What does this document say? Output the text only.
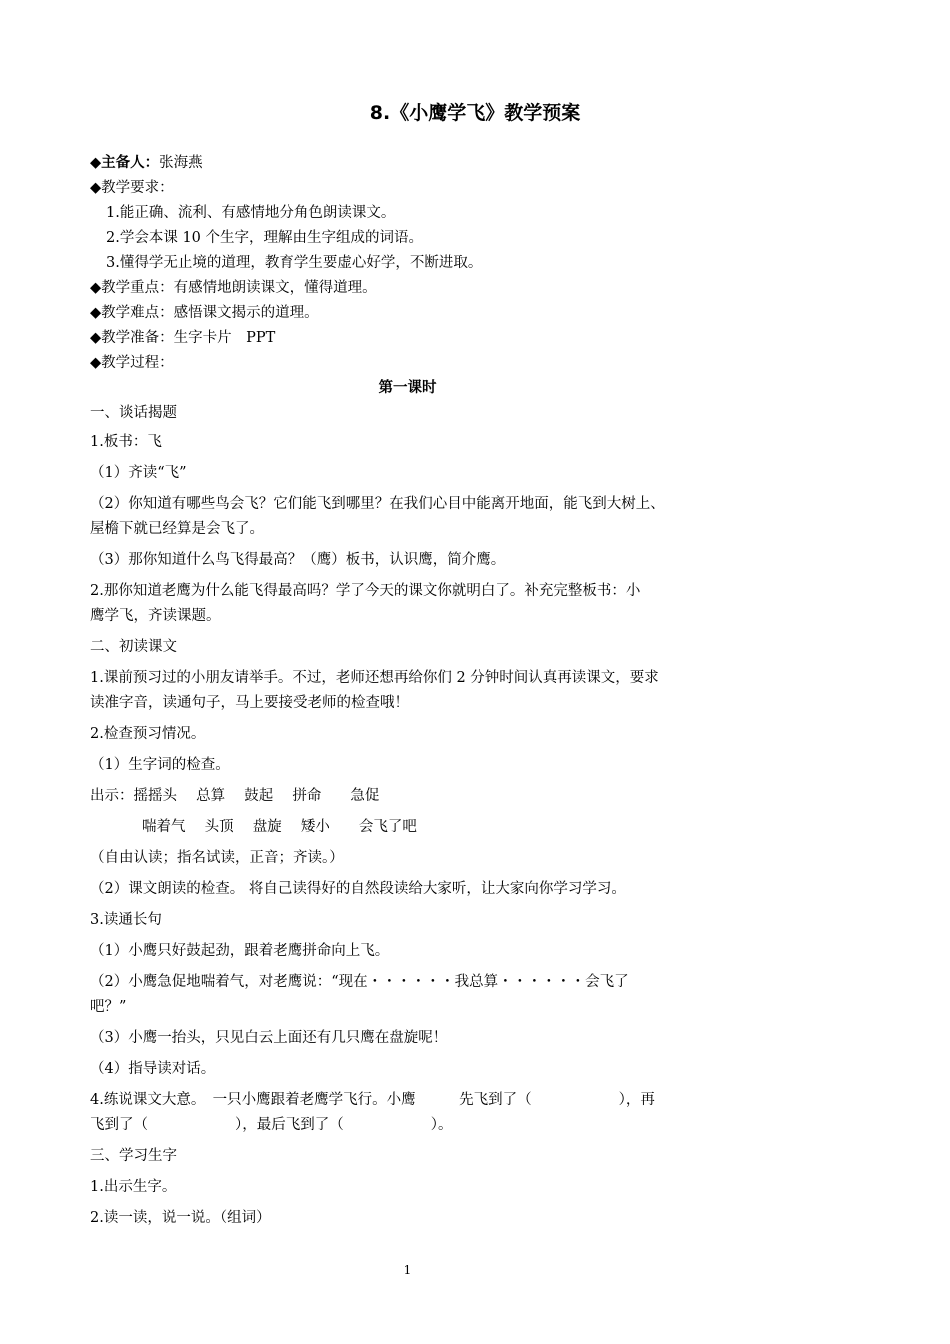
8.《小鹰学飞》教学预案
◆主备人：张海燕
◆教学要求：
1.能正确、流利、有感情地分角色朗读课文。
2.学会本课 10 个生字，理解由生字组成的词语。
3.懂得学无止境的道理，教育学生要虚心好学，不断进取。
◆教学重点：有感情地朗读课文，懂得道理。
◆教学难点：感悟课文揭示的道理。
◆教学准备：生字卡片　PPT
◆教学过程：
第一课时
一、谈话揭题
1.板书：飞
（1）齐读“飞”
（2）你知道有哪些鸟会飞？它们能飞到哪里？在我们心目中能离开地面，能飞到大树上、
屋檐下就已经算是会飞了。
（3）那你知道什么鸟飞得最高？（鹰）板书，认识鹰，简介鹰。
2.那你知道老鹰为什么能飞得最高吗？学了今天的课文你就明白了。补充完整板书：小
鹰学飞，齐读课题。
二、初读课文
1.课前预习过的小朋友请举手。不过，老师还想再给你们 2 分钟时间认真再读课文，要求
读准字音，读通句子，马上要接受老师的检查哦！
2.检查预习情况。
（1）生字词的检查。
出示：摇摇头　 总算　 鼓起　 拼命　　急促
喘着气　 头顶　 盘旋　 矮小　　会飞了吧
（自由认读；指名试读，正音；齐读。）
（2）课文朗读的检查。 将自己读得好的自然段读给大家听，让大家向你学习学习。
3.读通长句
（1）小鹰只好鼓起劲，跟着老鹰拼命向上飞。
（2）小鹰急促地喘着气，对老鹰说：“现在・・・・・・我总算・・・・・・会飞了
吧？”
（3）小鹰一抬头，只见白云上面还有几只鹰在盘旋呢！
（4）指导读对话。
4.练说课文大意。　一只小鹰跟着老鹰学飞行。小鹰　　　先飞到了（　　　　　　），再
飞到了（　　　　　　），最后飞到了（　　　　　　）。
三、学习生字
1.出示生字。
2.读一读，说一说。（组词）
1
